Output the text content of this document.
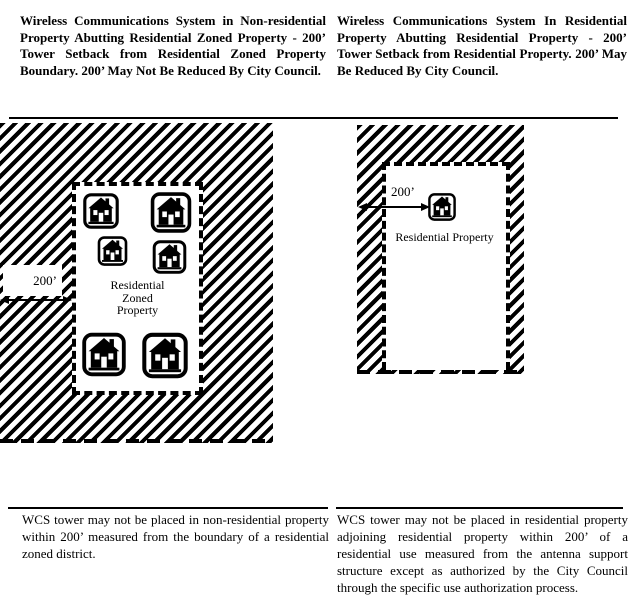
Wireless Communications System in Non-residential Property Abutting Residential Zoned Property - 200’ Tower Setback from Residential Zoned Property Boundary. 200’ May Not Be Reduced By City Council.
Wireless Communications System In Residential Property Abutting Residential Property - 200’ Tower Setback from Residential Property. 200’ May Be Reduced By City Council.
Residential
Zoned
Property
200’
200’
Residential Property
WCS tower may not be placed in non-residential property within 200’ measured from the boundary of a residential zoned district.
WCS tower may not be placed in residential property adjoining residential property within 200’ of a residential use measured from the antenna support structure except as authorized by the City Council through the specific use authorization process.
